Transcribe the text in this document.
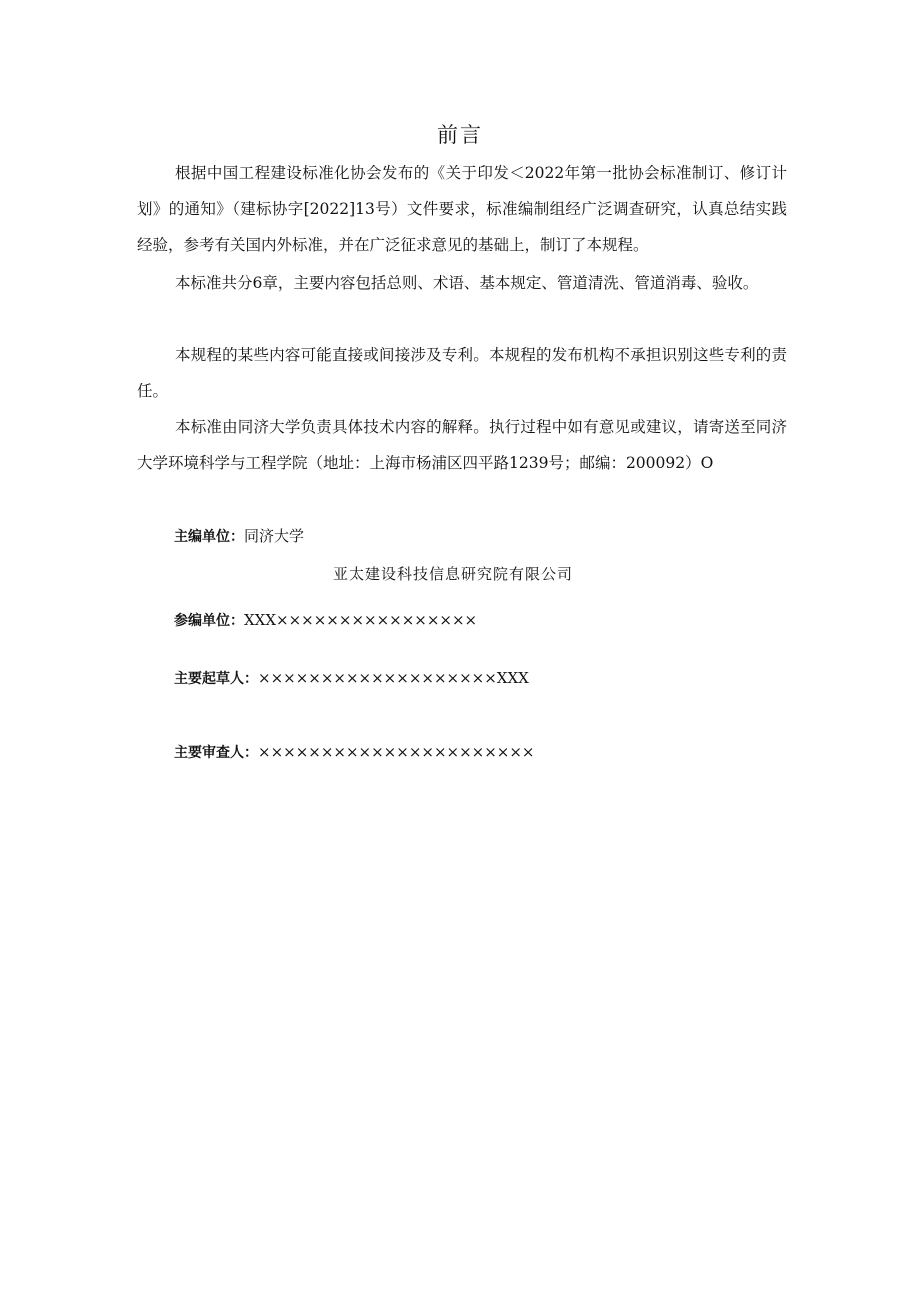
前言

根据中国工程建设标准化协会发布的《关于印发＜2022年第一批协会标准制订、修订计划》的通知》（建标协字[2022]13号）文件要求，标准编制组经广泛调查研究，认真总结实践经验，参考有关国内外标准，并在广泛征求意见的基础上，制订了本规程。

本标准共分6章，主要内容包括总则、术语、基本规定、管道清洗、管道消毒、验收。

本规程的某些内容可能直接或间接涉及专利。本规程的发布机构不承担识别这些专利的责任。

本标准由同济大学负责具体技术内容的解释。执行过程中如有意见或建议，请寄送至同济大学环境科学与工程学院（地址：上海市杨浦区四平路1239号；邮编：200092）O

主编单位：同济大学
亚太建设科技信息研究院有限公司
参编单位：XXX××××××××××××××××
主要起草人：×××××××××××××××××××XXX
主要审查人：××××××××××××××××××××××
